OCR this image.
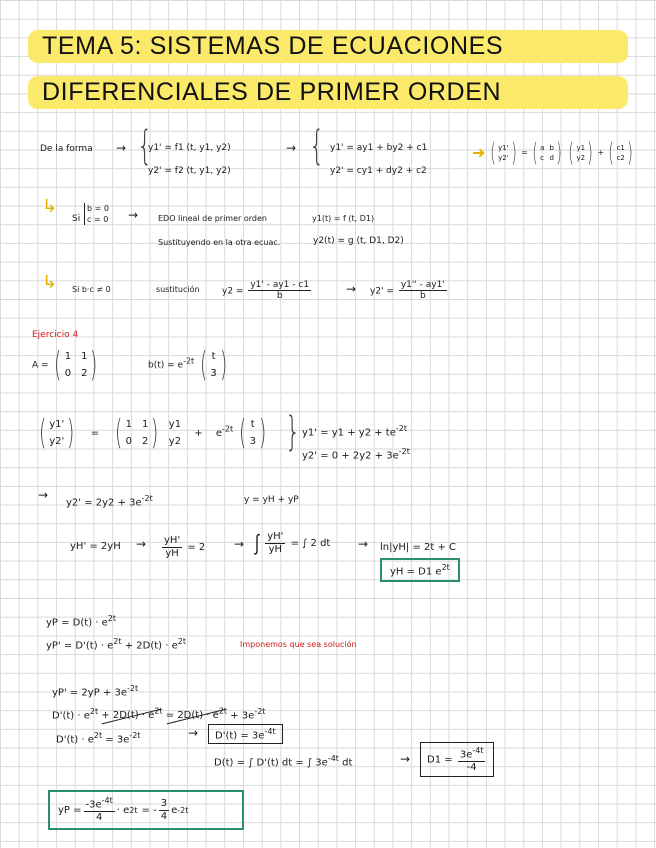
TEMA 5: SISTEMAS DE ECUACIONES
DIFERENCIALES DE PRIMER ORDEN
De la forma → {
y1' = f1 (t, y1, y2)
y2' = f2 (t, y1, y2)
→ { y1' = ay1 + by2 + c1
y2' = cy1 + dy2 + c2
➜ ( y1'
y2' ) = ( a b
c d ) ( y1
y2 ) + ( c1
c2 )
↳
Si
b = 0
c = 0 → EDO lineal de primer orden	y1(t) = f (t, D1)
Sustituyendo en la otra ecuac.	y2(t) = g (t, D1, D2)
↳ Si b·c ≠ 0	sustitución $y2 = \frac{y1' - ay1 - c1}{b}$	→ $y2' = \frac{y1'' - ay1'}{b}$
Ejercicio 4
A = ( 1 1
0 2 )	$b(t) = e^{-2t}$ ( t
3 )
( y1'
y2' ) = ( 1 1
0 2 ) y1
y2
+ $e^{-2t}$ ( t
3 ) } $y1' = y1 + y2 + te^{-2t}$
$y2' = 0 + 2y2 + 3e^{-2t}$
→
$y2' = 2y2 + 3e^{-2t}$	y = yH + yP
$yH' = 2yH \to \frac{yH'}{yH} = 2$ → ∫ $\frac{yH'}{yH}$ = ∫ 2 dt → ln|yH| = 2t + C
yH = D1 $e^{2t}$
yP = $D(t) \cdot e^{2t}$
$yP' = D'(t) \cdot e^{2t} + 2D(t) \cdot e^{2t}$	Imponemos que sea solución
$yP' = 2yP + 3e^{-2t}$
$D'(t) \cdot e^{2t} + 2D(t) \cdot e^{2t} = 2D(t) \cdot e^{2t} + 3e^{-2t}$
$D'(t) \cdot e^{2t} = 3e^{-2t}$	→	$D'(t) = 3e^{-4t}$
D(t) = ∫ D'(t) dt = ∫ $3e^{-4t}$ dt	→	$D1 = \frac{3e^{-4t}}{-4}$
yP = $\frac{-3e^{-4t}}{4} \cdot e$ 2t = - $\frac{3}{4}$ e -2t
